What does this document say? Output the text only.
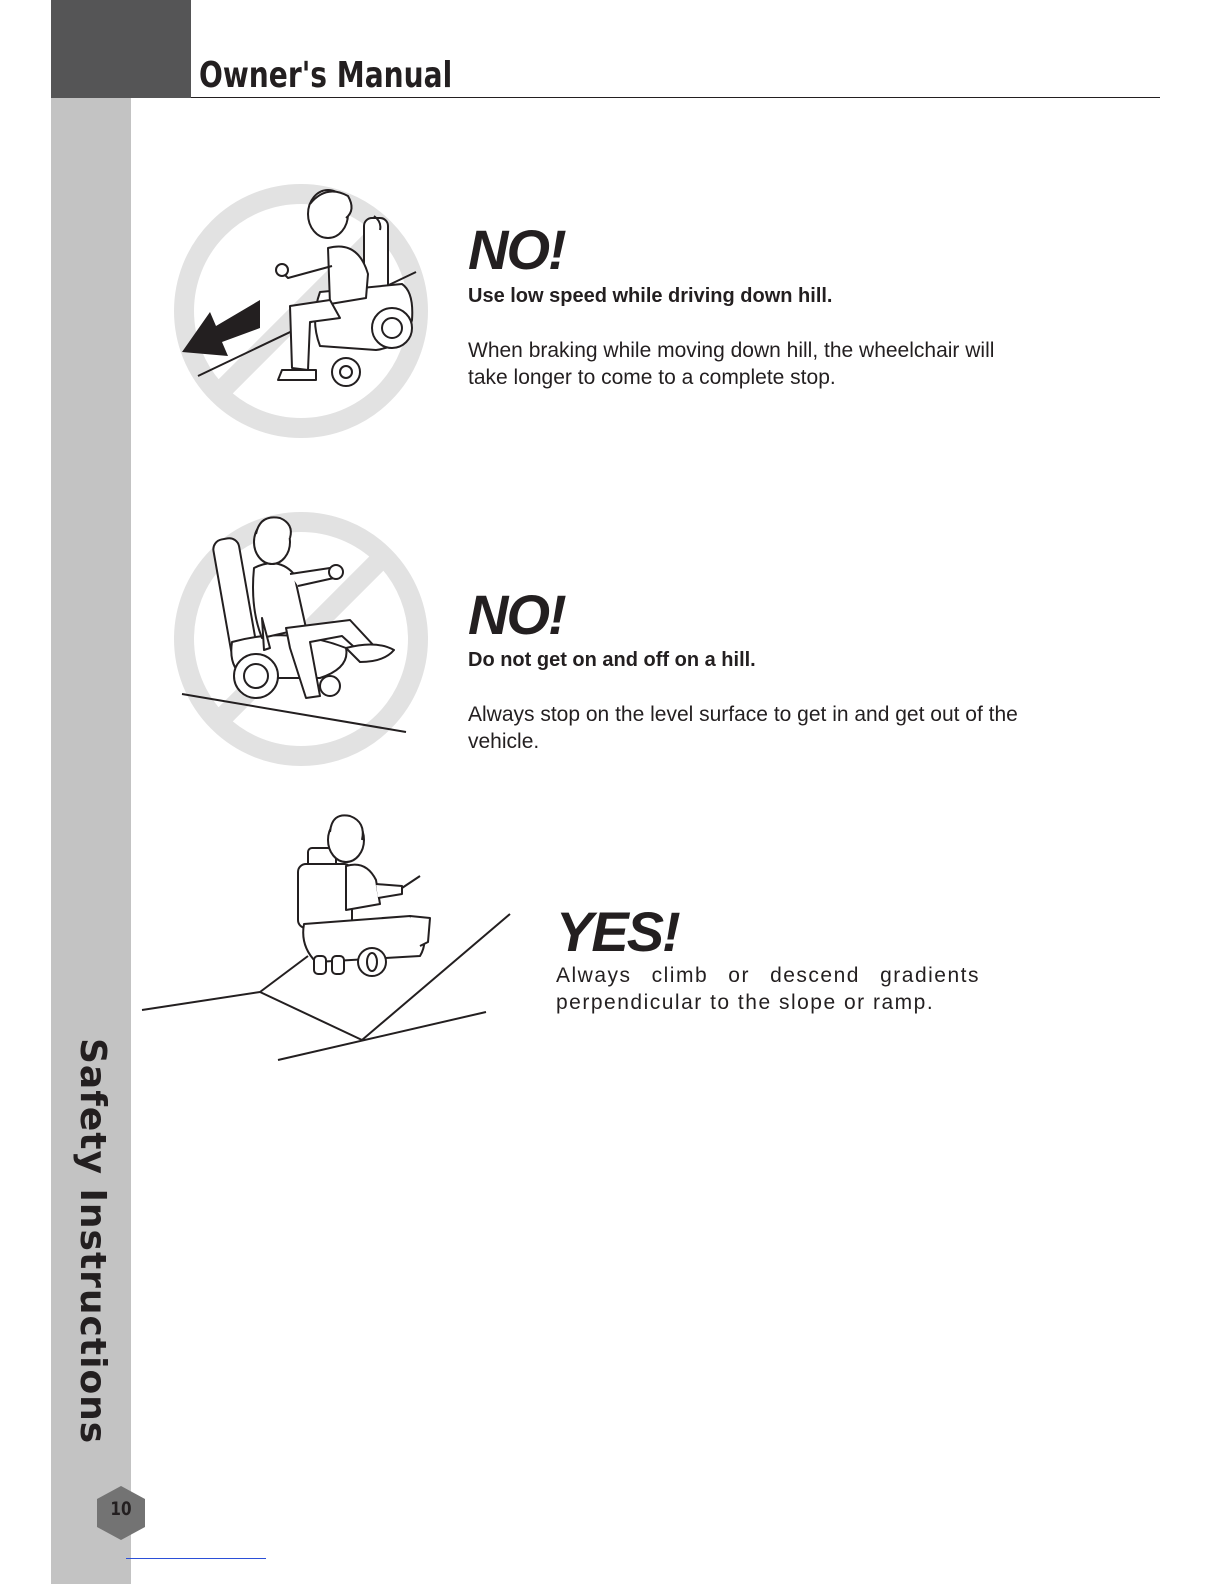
Owner's Manual
Safety Instructions
10
NO!

Use low speed while driving down hill.

When braking while moving down hill, the wheelchair will take longer to come to a complete stop.

NO!

Do not get on and off on a hill.

Always stop on the level surface to get in and get out of the vehicle.

YES!

Always climb or descend gradients perpendicular to the slope or ramp.
